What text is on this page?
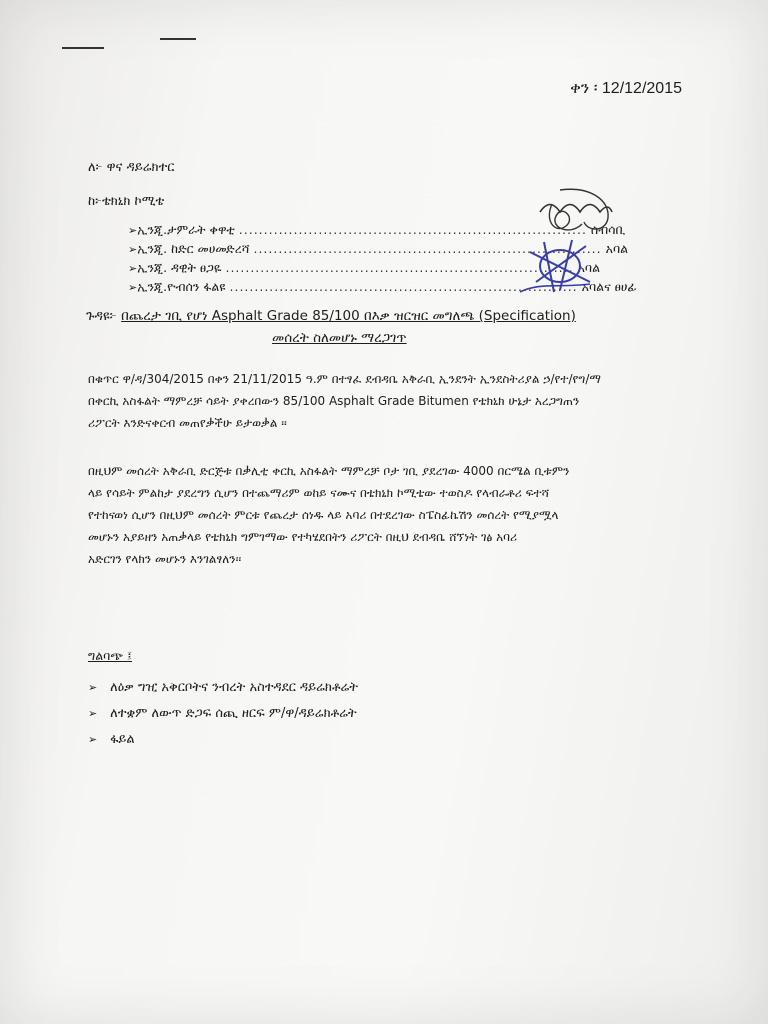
ቀን ፡ 12/12/2015
ለ፦ ዋና ዳይሬክተር
ከ፦ቴክኒክ ኮሚቴ
➢ ኢንጂ.ታምራት ቀዋቲ ...................................................................... ሰብሳቢ
➢ ኢንጂ. ከድር መሀመድረሻ ...................................................................... አባል
➢ ኢንጂ. ዳዊት ፀጋዬ ...................................................................... አባል
➢ ኢንጂ.ዮብሰን ፋልዩ ...................................................................... አባልና ፀሀፊ
ጉዳዩ፦ በጨረታ ገቢ የሆነ Asphalt Grade 85/100 በእቃ ዝርዝር መግለጫ (Specification)
መሰረት ስለመሆኑ ማረጋገጥ
በቁጥር ዋ/ዳ/304/2015 በቀን 21/11/2015 ዓ.ም በተፃፈ ደብዳቤ አቅራቢ ኢንደንት ኢንደስትሪያል ኃ/የተ/የግ/ማ
በቀርኪ አስፋልት ማምረቻ ሳይት ያቀረበውን 85/100 Asphalt Grade Bitumen የቴክኒክ ሁኔታ አረጋግጠን
ሪፖርት እንድናቀርብ መጠየቃችሁ ይታወቃል ፡፡
በዚህም መሰረት አቅራቢ ድርጅቱ በቃሊቲ ቀርኪ አስፋልት ማምረቻ ቦታ ገቢ ያደረገው 4000 በርሜል ቢቱምን
ላይ የሳይት ምልከታ ያደረግን ሲሆን በተጨማሪም ወከይ ናሙና በቴክኒክ ኮሚቴው ተወስዶ የላብራቶሪ ፍተሻ
የተከናወነ ሲሆን በዚህም መሰረት ምርቱ የጨረታ ሰነዱ ላይ አባሪ በተደረገው ስፔስፊኬሽን መሰረት የሚያሟላ
መሆኑን አያይዘን አጠቃላይ የቴክኒክ ግምገማው የተካሄደበትን ሪፖርት በዚህ ደብዳቤ ሸኘነት ገፅ አባሪ
አድርገን የላክን መሆኑን እንገልፃለን፡፡
ግልባጭ ፤
➢ ለዕቃ ግዢ አቅርቦትና ንብረት አስተዳደር ዳይሬክቶሬት
➢ ለተቋም ለውጥ ድጋፍ ሰጪ ዘርፍ ም/ዋ/ዳይሬክቶሬት
➢ ፋይል
